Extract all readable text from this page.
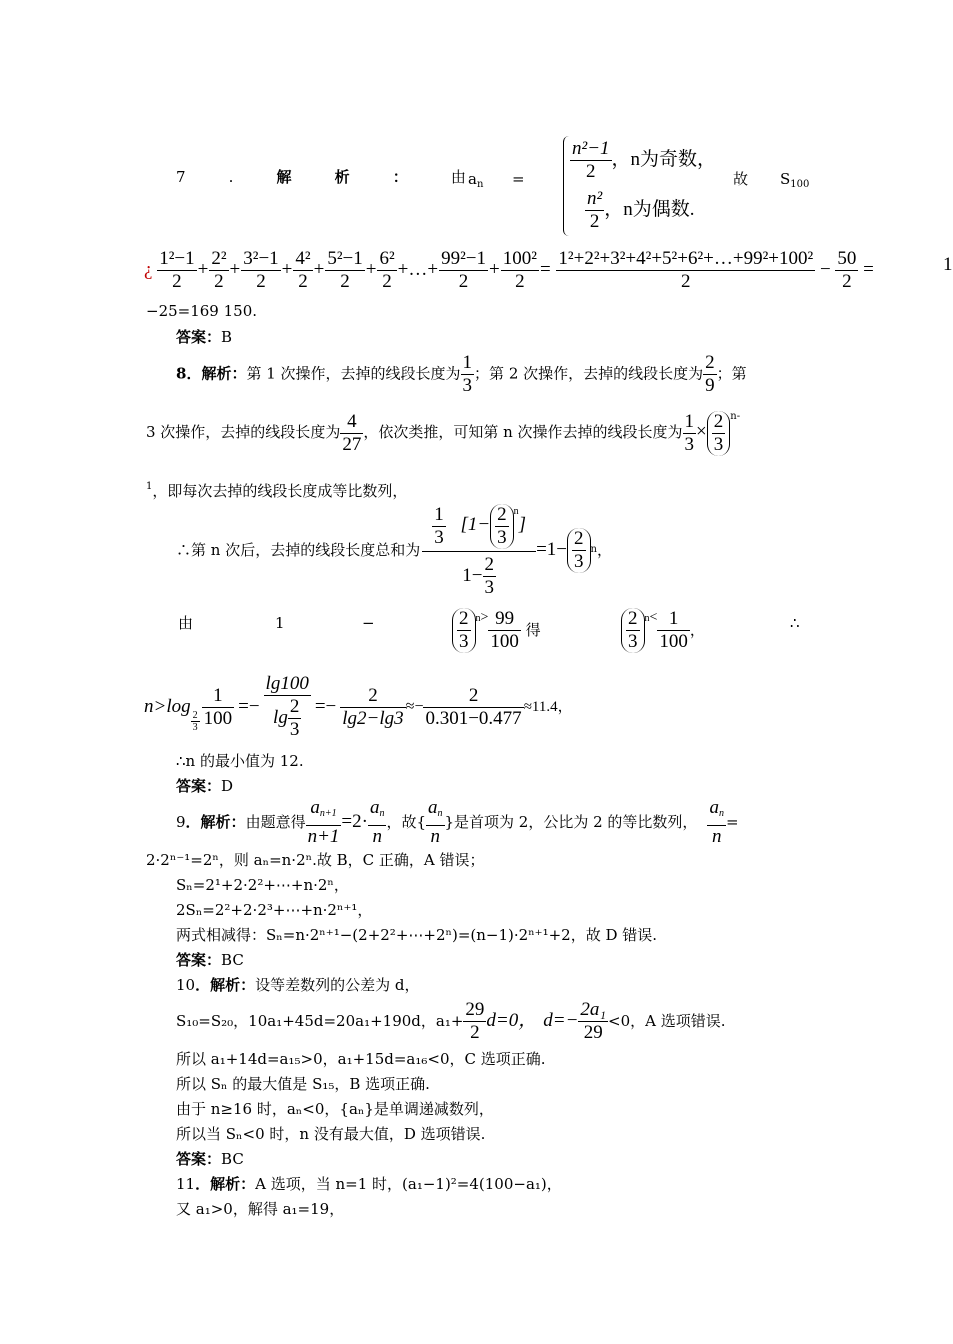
7	.	解	析	：	由 $a_n = \frac{\text{n²−1}}{2}$ ，n为奇数，
$\frac{\text{n²}}{2}$ ，n为偶数.
故 $S_{100}$
¿ $\frac{\text{1²−1}}{2} + \frac{\text{2²}}{2} + \frac{\text{3²−1}}{2} + \frac{\text{4²}}{2} + \frac{\text{5²−1}}{2} + \frac{\text{6²}}{2}$ +…+ $\frac{\text{99²−1}}{2} + \frac{\text{100²}}{2} = \frac{\text{1²+2²+3²+4²+5²+6²+…+99²+100²}}{2} - \frac{50}{2}$ =	1
−25=169 150.
答案：B
8．解析：第 1 次操作，去掉的线段长度为 $\frac{1}{3}$ ；第 2 次操作，去掉的线段长度为 $\frac{2}{9}$ ；第
3 次操作，去掉的线段长度为 $\frac{4}{27}$ ，依次类推，可知第 n 次操作去掉的线段长度为 $\frac{1}{3} \times \frac{2}{3} ^{n-}$
$^1$，即每次去掉的线段长度成等比数列，
∴第 n 次后，去掉的线段长度总和为 $\frac{\frac{1}{3} [1- \frac{2}{3} ^n]}{1- \frac{2}{3}} =1- \frac{2}{3}$ n ，
由	1	−	$\frac{2}{3} ^{n>} \frac{99}{100}$ 得	$\frac{2}{3} ^{n<} \frac{1}{100}$ ，	∴
n>log
$\frac{2}{3} \frac{1}{100} =- \frac{\lg 100}{\lg \frac{2}{3}} =- \frac{2}{\lg 2-\lg 3} \approx- \frac{2}{0.301-0.477} \approx 11.4$，
∴n 的最小值为 12.
答案：D
9 ．解析： 由题意得 $\frac{a_{n+1}}{n+1} =2\cdot \frac{a_n}{n}$ ，故{ $\frac{a_n}{n}$ }是首项为 2，公比为 2 的等比数列， $\frac{a_n}{n}$ =
2·2ⁿ⁻¹=2ⁿ，则 aₙ=n·2ⁿ.故 B，C 正确，A 错误；
Sₙ=2¹+2·2²+⋯+n·2ⁿ，
2Sₙ=2²+2·2³+⋯+n·2ⁿ⁺¹，
两式相减得：Sₙ=n·2ⁿ⁺¹−(2+2²+⋯+2ⁿ)=(n−1)·2ⁿ⁺¹+2，故 D 错误.
答案：BC
10．解析：设等差数列的公差为 d，
S₁₀=S₂₀，10a₁+45d=20a₁+190d，$a_1+ \frac{29}{2} d=0$， $d=- \frac{\text{2a₁}}{29} <0$，A 选项错误.
所以 a₁+14d=a₁₅>0，a₁+15d=a₁₆<0，C 选项正确.
所以 Sₙ 的最大值是 S₁₅，B 选项正确.
由于 n≥16 时，aₙ<0，{aₙ}是单调递减数列，
所以当 Sₙ<0 时，n 没有最大值，D 选项错误.
答案：BC
11．解析：A 选项，当 n=1 时，(a₁−1)²=4(100−a₁)，
又 a₁>0，解得 a₁=19，
